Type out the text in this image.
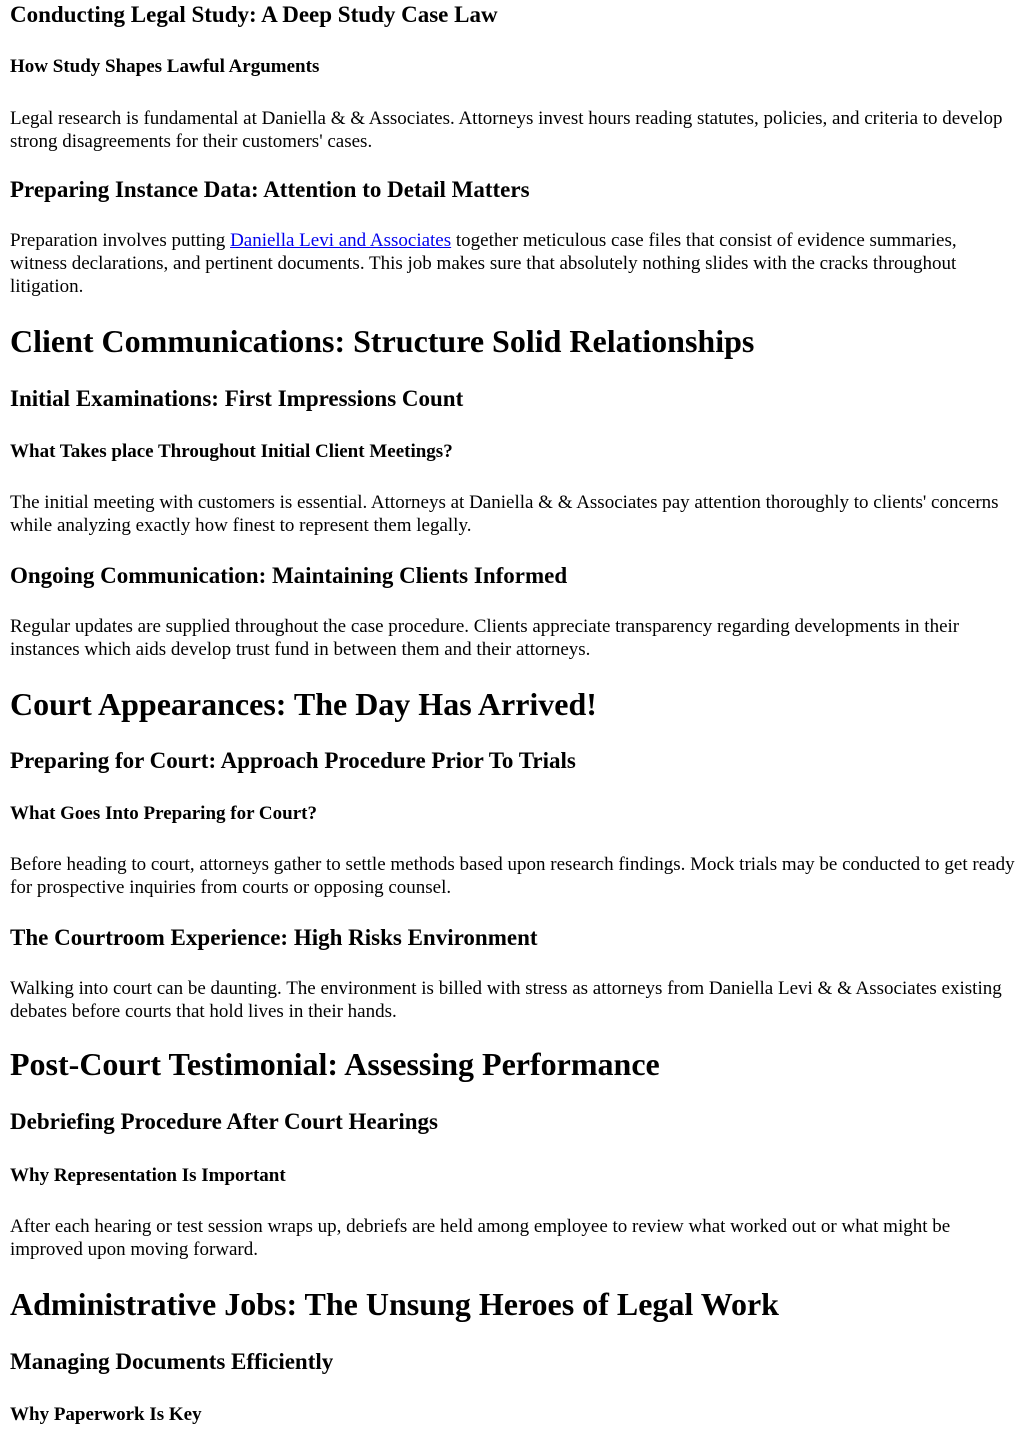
Conducting Legal Study: A Deep Study Case Law
How Study Shapes Lawful Arguments

Legal research is fundamental at Daniella & & Associates. Attorneys invest hours reading statutes, policies, and criteria to develop strong disagreements for their customers' cases.

Preparing Instance Data: Attention to Detail Matters

Preparation involves putting Daniella Levi and Associates together meticulous case files that consist of evidence summaries, witness declarations, and pertinent documents. This job makes sure that absolutely nothing slides with the cracks throughout litigation.

Client Communications: Structure Solid Relationships
Initial Examinations: First Impressions Count
What Takes place Throughout Initial Client Meetings?

The initial meeting with customers is essential. Attorneys at Daniella & & Associates pay attention thoroughly to clients' concerns while analyzing exactly how finest to represent them legally.

Ongoing Communication: Maintaining Clients Informed

Regular updates are supplied throughout the case procedure. Clients appreciate transparency regarding developments in their instances which aids develop trust fund in between them and their attorneys.

Court Appearances: The Day Has Arrived!
Preparing for Court: Approach Procedure Prior To Trials
What Goes Into Preparing for Court?

Before heading to court, attorneys gather to settle methods based upon research findings. Mock trials may be conducted to get ready for prospective inquiries from courts or opposing counsel.

The Courtroom Experience: High Risks Environment

Walking into court can be daunting. The environment is billed with stress as attorneys from Daniella Levi & & Associates existing debates before courts that hold lives in their hands.

Post-Court Testimonial: Assessing Performance
Debriefing Procedure After Court Hearings
Why Representation Is Important

After each hearing or test session wraps up, debriefs are held among employee to review what worked out or what might be improved upon moving forward.

Administrative Jobs: The Unsung Heroes of Legal Work
Managing Documents Efficiently
Why Paperwork Is Key
